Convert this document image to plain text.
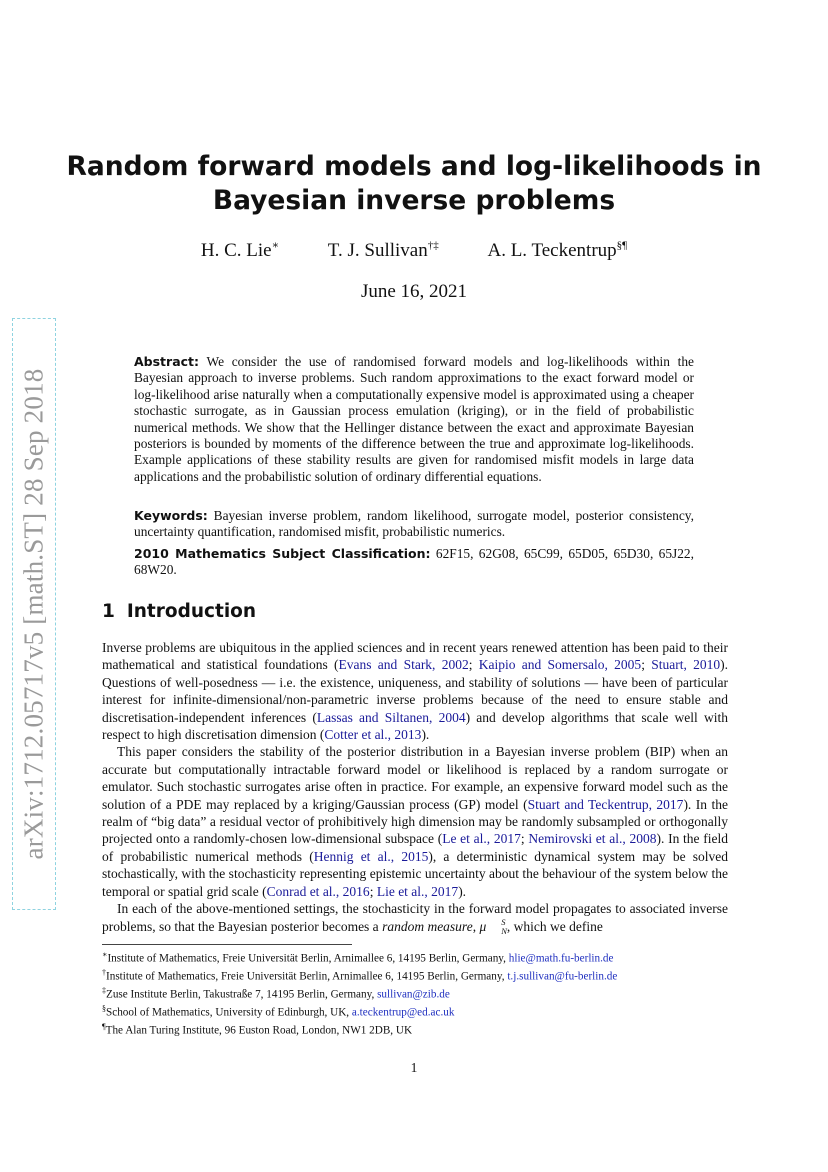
arXiv:1712.05717v5 [math.ST] 28 Sep 2018
Random forward models and log-likelihoods in
Bayesian inverse problems
H. C. Lie∗	T. J. Sullivan†‡	A. L. Teckentrup§¶
June 16, 2021
Abstract: We consider the use of randomised forward models and log-likelihoods within the Bayesian approach to inverse problems. Such random approximations to the exact forward model or log-likelihood arise naturally when a computationally expensive model is approximated using a cheaper stochastic surrogate, as in Gaussian process emulation (kriging), or in the field of probabilistic numerical methods. We show that the Hellinger distance between the exact and approximate Bayesian posteriors is bounded by moments of the difference between the true and approximate log-likelihoods. Example applications of these stability results are given for randomised misfit models in large data applications and the probabilistic solution of ordinary differential equations.
Keywords: Bayesian inverse problem, random likelihood, surrogate model, posterior consistency, uncertainty quantification, randomised misfit, probabilistic numerics.
2010 Mathematics Subject Classification: 62F15, 62G08, 65C99, 65D05, 65D30, 65J22, 68W20.
1 Introduction

Inverse problems are ubiquitous in the applied sciences and in recent years renewed attention has been paid to their mathematical and statistical foundations (Evans and Stark, 2002; Kaipio and Somersalo, 2005; Stuart, 2010). Questions of well-posedness — i.e. the existence, uniqueness, and stability of solutions — have been of particular interest for infinite-dimensional/non-parametric inverse problems because of the need to ensure stable and discretisation-independent inferences (Lassas and Siltanen, 2004) and develop algorithms that scale well with respect to high discretisation dimension (Cotter et al., 2013).

This paper considers the stability of the posterior distribution in a Bayesian inverse problem (BIP) when an accurate but computationally intractable forward model or likelihood is replaced by a random surrogate or emulator. Such stochastic surrogates arise often in practice. For example, an expensive forward model such as the solution of a PDE may replaced by a kriging/Gaussian process (GP) model (Stuart and Teckentrup, 2017). In the realm of “big data” a residual vector of prohibitively high dimension may be randomly subsampled or orthogonally projected onto a randomly-chosen low-dimensional subspace (Le et al., 2017; Nemirovski et al., 2008). In the field of probabilistic numerical methods (Hennig et al., 2015), a deterministic dynamical system may be solved stochastically, with the stochasticity representing epistemic uncertainty about the behaviour of the system below the temporal or spatial grid scale (Conrad et al., 2016; Lie et al., 2017).

In each of the above-mentioned settings, the stochasticity in the forward model propagates to associated inverse problems, so that the Bayesian posterior becomes a random measure, μ	S
N , which we define

∗Institute of Mathematics, Freie Universität Berlin, Arnimallee 6, 14195 Berlin, Germany, hlie@math.fu-berlin.de
†Institute of Mathematics, Freie Universität Berlin, Arnimallee 6, 14195 Berlin, Germany, t.j.sullivan@fu-berlin.de
‡Zuse Institute Berlin, Takustraße 7, 14195 Berlin, Germany, sullivan@zib.de
§School of Mathematics, University of Edinburgh, UK, a.teckentrup@ed.ac.uk
¶The Alan Turing Institute, 96 Euston Road, London, NW1 2DB, UK
1
